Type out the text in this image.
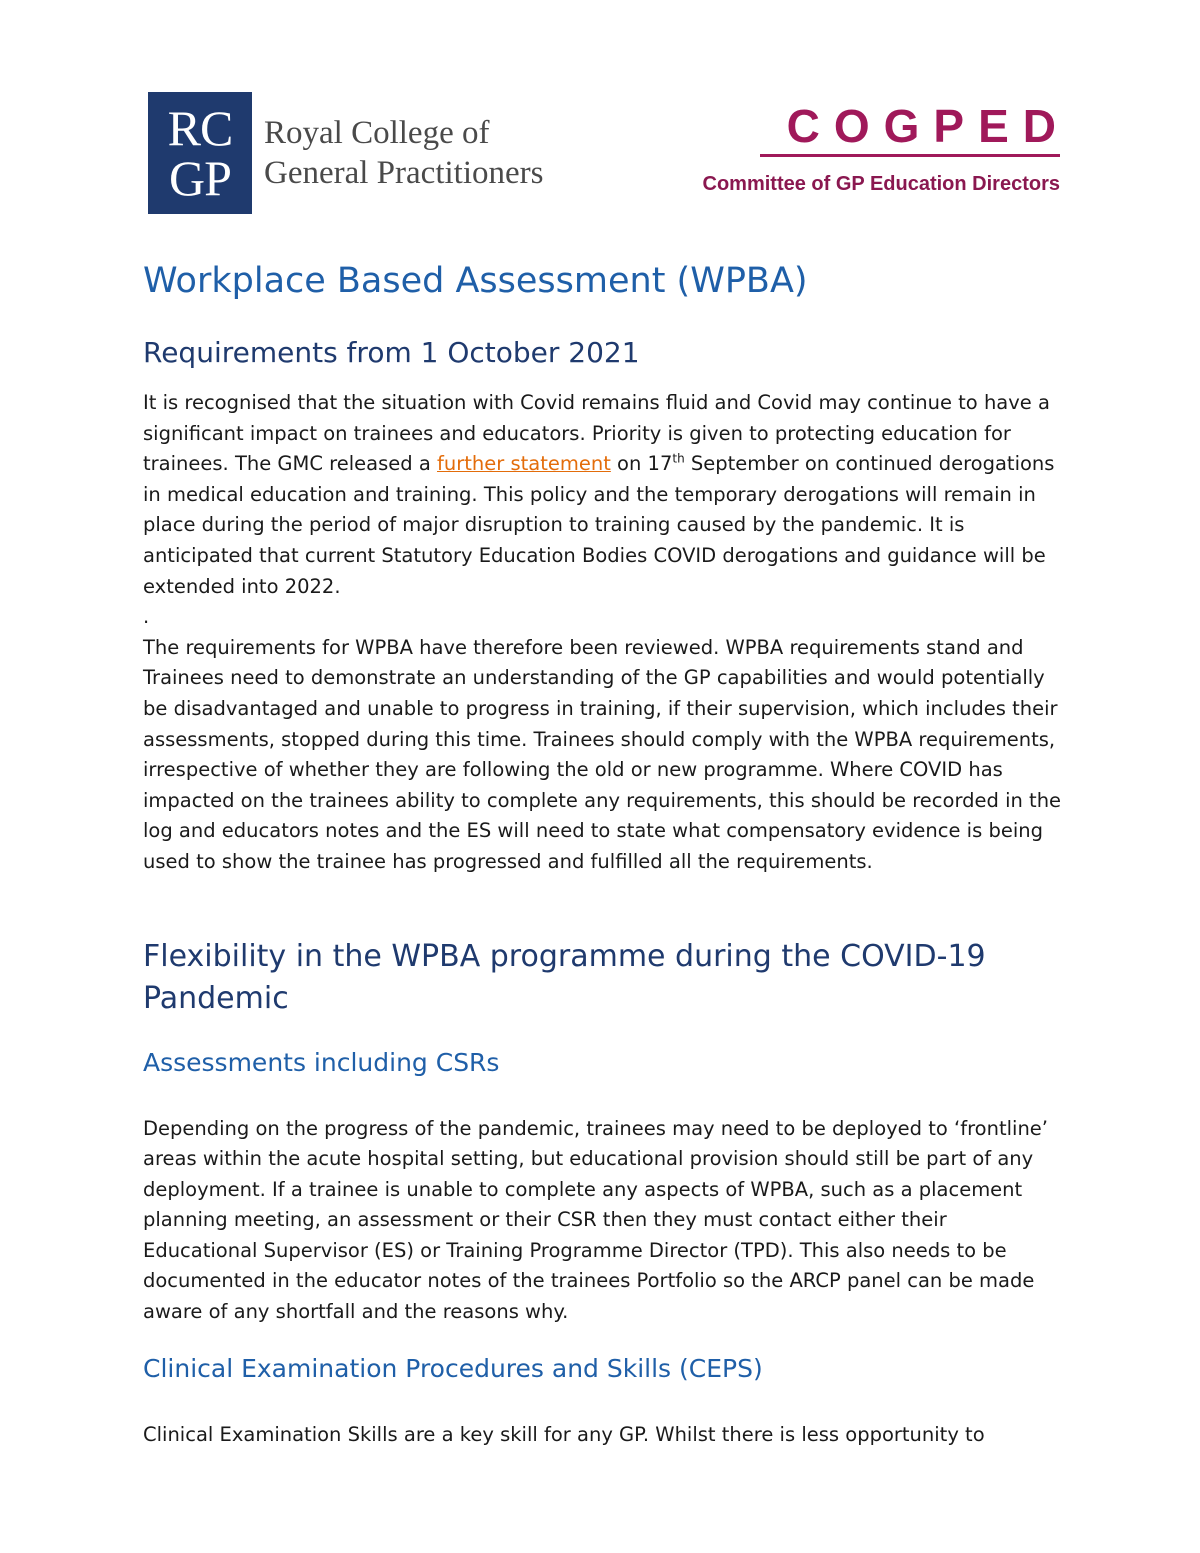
RC
GP
Royal College of
General Practitioners
COGPED
Committee of GP Education Directors
Workplace Based Assessment (WPBA)
Requirements from 1 October 2021

It is recognised that the situation with Covid remains fluid and Covid may continue to have a significant impact on trainees and educators. Priority is given to protecting education for trainees. The GMC released a further statement on 17th September on continued derogations in medical education and training. This policy and the temporary derogations will remain in place during the period of major disruption to training caused by the pandemic. It is anticipated that current Statutory Education Bodies COVID derogations and guidance will be extended into 2022.

.

The requirements for WPBA have therefore been reviewed. WPBA requirements stand and Trainees need to demonstrate an understanding of the GP capabilities and would potentially be disadvantaged and unable to progress in training, if their supervision, which includes their assessments, stopped during this time. Trainees should comply with the WPBA requirements, irrespective of whether they are following the old or new programme. Where COVID has impacted on the trainees ability to complete any requirements, this should be recorded in the log and educators notes and the ES will need to state what compensatory evidence is being used to show the trainee has progressed and fulfilled all the requirements.

Flexibility in the WPBA programme during the COVID-19 Pandemic
Assessments including CSRs

Depending on the progress of the pandemic, trainees may need to be deployed to ‘frontline’ areas within the acute hospital setting, but educational provision should still be part of any deployment. If a trainee is unable to complete any aspects of WPBA, such as a placement planning meeting, an assessment or their CSR then they must contact either their Educational Supervisor (ES) or Training Programme Director (TPD). This also needs to be documented in the educator notes of the trainees Portfolio so the ARCP panel can be made aware of any shortfall and the reasons why.

Clinical Examination Procedures and Skills (CEPS)

Clinical Examination Skills are a key skill for any GP. Whilst there is less opportunity to
